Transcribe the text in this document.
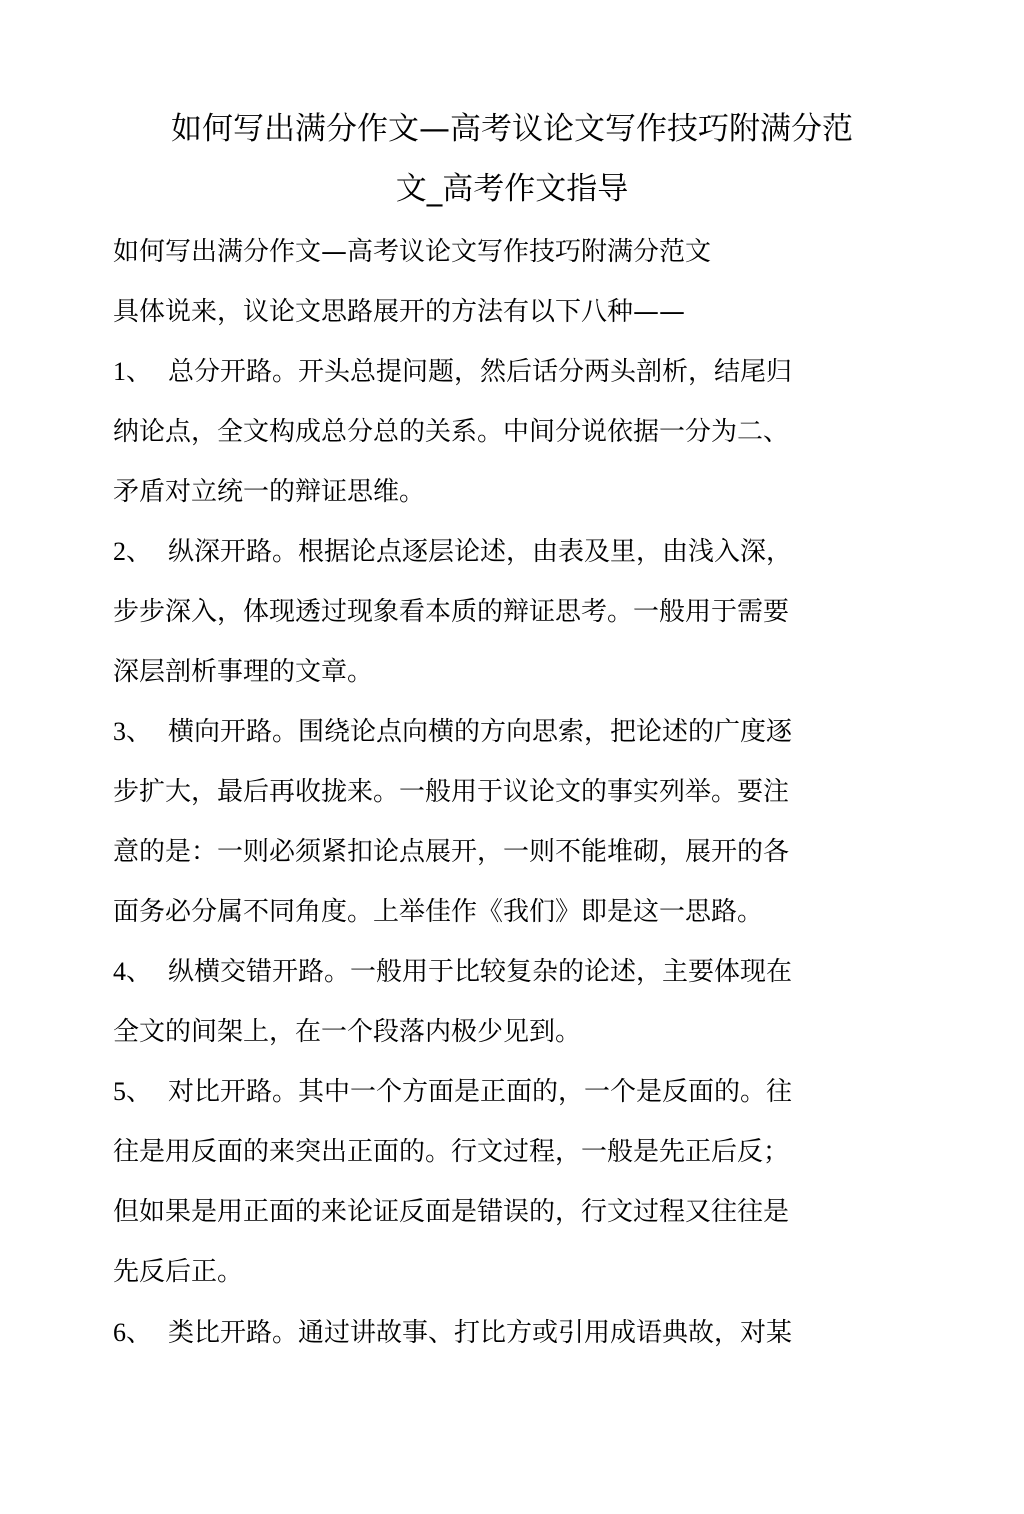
如何写出满分作文—高考议论文写作技巧附满分范
文_高考作文指导
如何写出满分作文—高考议论文写作技巧附满分范文
具体说来，议论文思路展开的方法有以下八种——
1、 总分开路。开头总提问题，然后话分两头剖析，结尾归
纳论点，全文构成总分总的关系。中间分说依据一分为二、
矛盾对立统一的辩证思维。
2、 纵深开路。根据论点逐层论述，由表及里，由浅入深，
步步深入，体现透过现象看本质的辩证思考。一般用于需要
深层剖析事理的文章。
3、 横向开路。围绕论点向横的方向思索，把论述的广度逐
步扩大，最后再收拢来。一般用于议论文的事实列举。要注
意的是：一则必须紧扣论点展开，一则不能堆砌，展开的各
面务必分属不同角度。上举佳作《我们》即是这一思路。
4、 纵横交错开路。一般用于比较复杂的论述，主要体现在
全文的间架上，在一个段落内极少见到。
5、 对比开路。其中一个方面是正面的，一个是反面的。往
往是用反面的来突出正面的。行文过程，一般是先正后反；
但如果是用正面的来论证反面是错误的，行文过程又往往是
先反后正。
6、 类比开路。通过讲故事、打比方或引用成语典故，对某
